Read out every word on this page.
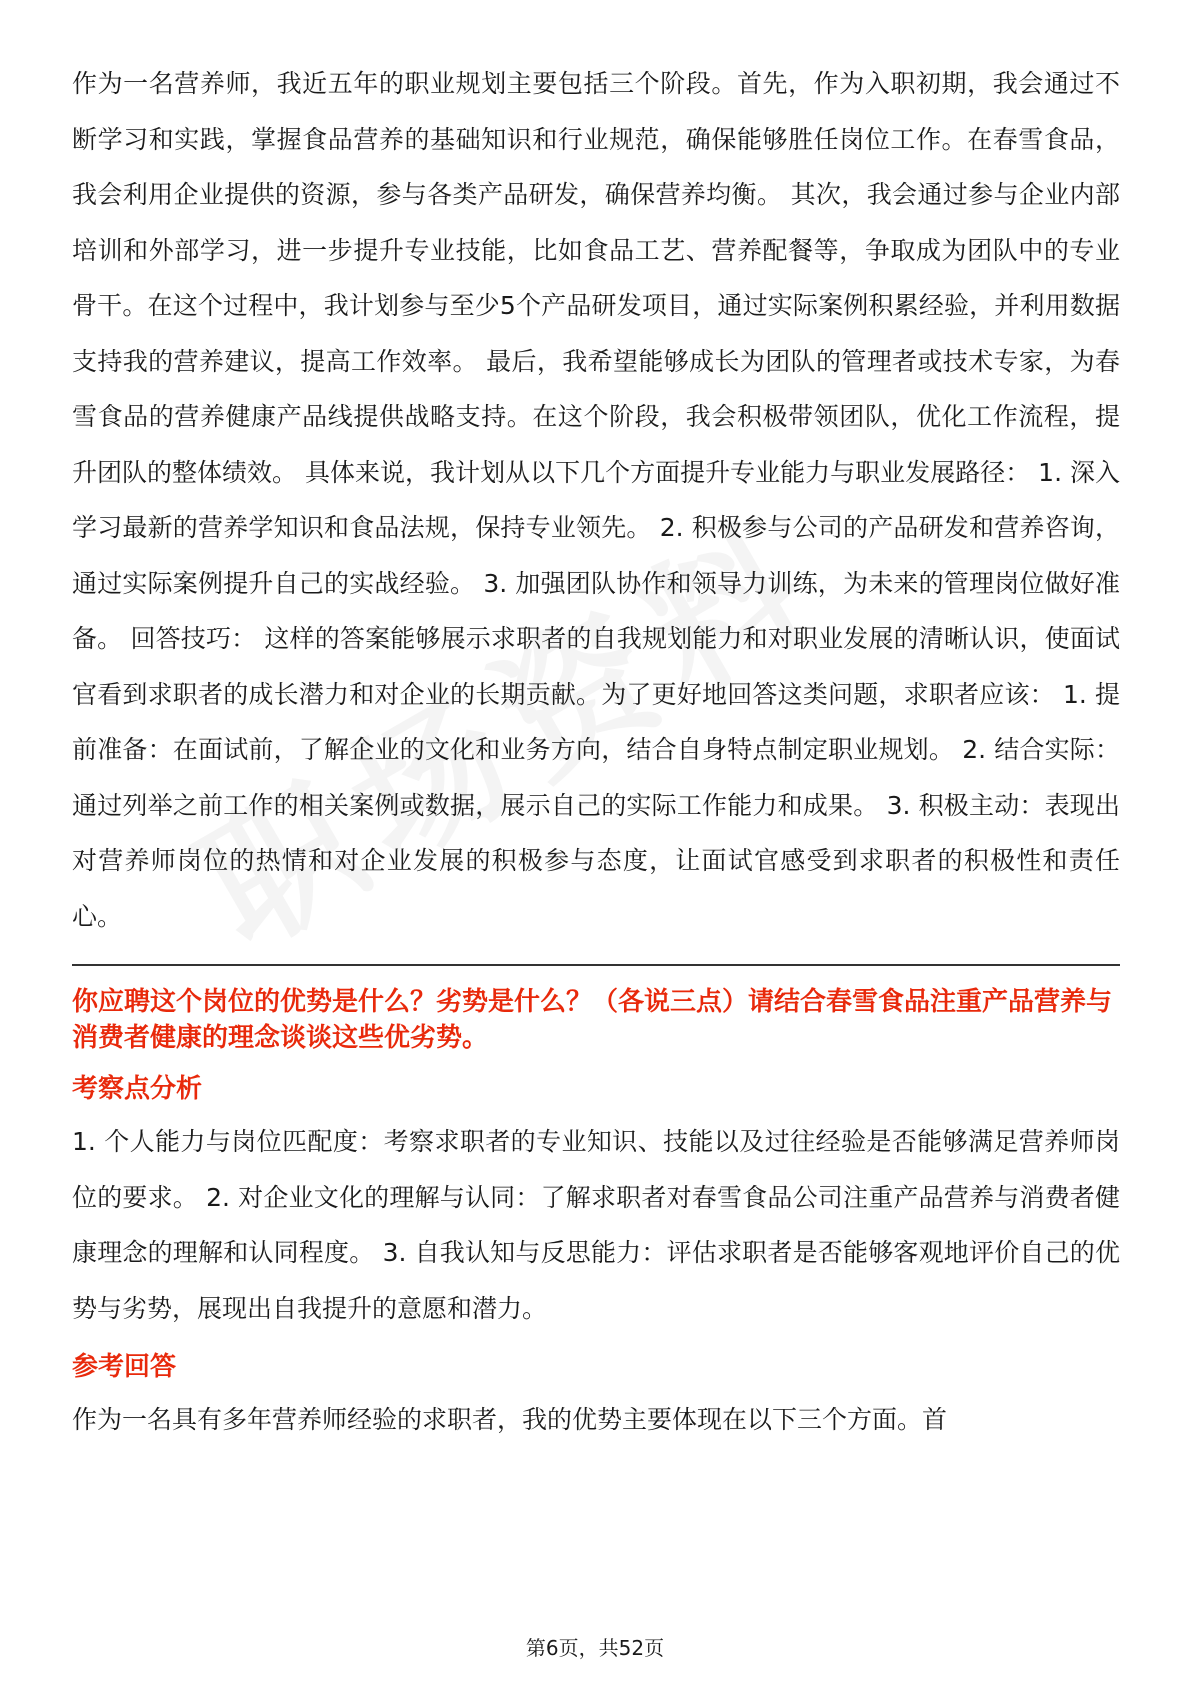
作为一名营养师，我近五年的职业规划主要包括三个阶段。首先，作为入职初期，我会通过不断学习和实践，掌握食品营养的基础知识和行业规范，确保能够胜任岗位工作。在春雪食品，我会利用企业提供的资源，参与各类产品研发，确保营养均衡。 其次，我会通过参与企业内部培训和外部学习，进一步提升专业技能，比如食品工艺、营养配餐等，争取成为团队中的专业骨干。在这个过程中，我计划参与至少5个产品研发项目，通过实际案例积累经验，并利用数据支持我的营养建议，提高工作效率。 最后，我希望能够成长为团队的管理者或技术专家，为春雪食品的营养健康产品线提供战略支持。在这个阶段，我会积极带领团队，优化工作流程，提升团队的整体绩效。 具体来说，我计划从以下几个方面提升专业能力与职业发展路径： 1. 深入学习最新的营养学知识和食品法规，保持专业领先。 2. 积极参与公司的产品研发和营养咨询，通过实际案例提升自己的实战经验。 3. 加强团队协作和领导力训练，为未来的管理岗位做好准备。 回答技巧： 这样的答案能够展示求职者的自我规划能力和对职业发展的清晰认识，使面试官看到求职者的成长潜力和对企业的长期贡献。为了更好地回答这类问题，求职者应该： 1. 提前准备：在面试前，了解企业的文化和业务方向，结合自身特点制定职业规划。 2. 结合实际：通过列举之前工作的相关案例或数据，展示自己的实际工作能力和成果。 3. 积极主动：表现出对营养师岗位的热情和对企业发展的积极参与态度，让面试官感受到求职者的积极性和责任心。

你应聘这个岗位的优势是什么？劣势是什么？（各说三点）请结合春雪食品注重产品营养与消费者健康的理念谈谈这些优劣势。

考察点分析

1. 个人能力与岗位匹配度：考察求职者的专业知识、技能以及过往经验是否能够满足营养师岗位的要求。 2. 对企业文化的理解与认同：了解求职者对春雪食品公司注重产品营养与消费者健康理念的理解和认同程度。 3. 自我认知与反思能力：评估求职者是否能够客观地评价自己的优势与劣势，展现出自我提升的意愿和潜力。

参考回答

作为一名具有多年营养师经验的求职者，我的优势主要体现在以下三个方面。首

第6页，共52页
